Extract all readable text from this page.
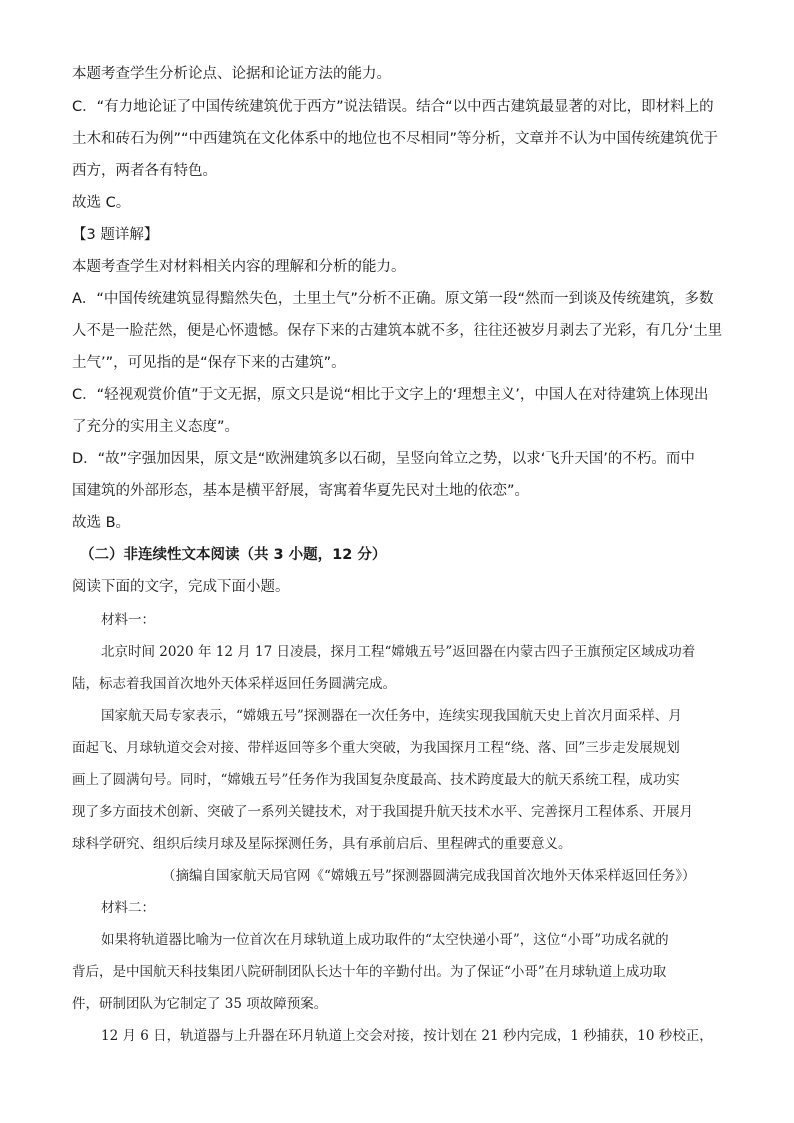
本题考查学生分析论点、论据和论证方法的能力。
C．“有力地论证了中国传统建筑优于西方”说法错误。结合“以中西古建筑最显著的对比，即材料上的
土木和砖石为例”“中西建筑在文化体系中的地位也不尽相同”等分析，文章并不认为中国传统建筑优于
西方，两者各有特色。
故选 C。
【3 题详解】
本题考查学生对材料相关内容的理解和分析的能力。
A．“中国传统建筑显得黯然失色，土里土气”分析不正确。原文第一段“然而一到谈及传统建筑，多数
人不是一脸茫然，便是心怀遗憾。保存下来的古建筑本就不多，往往还被岁月剥去了光彩，有几分‘土里
土气’”，可见指的是“保存下来的古建筑”。
C．“轻视观赏价值”于文无据，原文只是说“相比于文字上的‘理想主义’，中国人在对待建筑上体现出
了充分的实用主义态度”。
D．“故”字强加因果，原文是“欧洲建筑多以石砌，呈竖向耸立之势，以求‘飞升天国’的不朽。而中
国建筑的外部形态，基本是横平舒展，寄寓着华夏先民对土地的依恋”。
故选 B。
（二）非连续性文本阅读（共 3 小题，12 分）
阅读下面的文字，完成下面小题。
材料一：
北京时间 2020 年 12 月 17 日凌晨，探月工程“嫦娥五号”返回器在内蒙古四子王旗预定区域成功着
陆，标志着我国首次地外天体采样返回任务圆满完成。
国家航天局专家表示，“嫦娥五号”探测器在一次任务中，连续实现我国航天史上首次月面采样、月
面起飞、月球轨道交会对接、带样返回等多个重大突破，为我国探月工程“绕、落、回”三步走发展规划
画上了圆满句号。同时，“嫦娥五号”任务作为我国复杂度最高、技术跨度最大的航天系统工程，成功实
现了多方面技术创新、突破了一系列关键技术，对于我国提升航天技术水平、完善探月工程体系、开展月
球科学研究、组织后续月球及星际探测任务，具有承前启后、里程碑式的重要意义。
（摘编自国家航天局官网《“嫦娥五号”探测器圆满完成我国首次地外天体采样返回任务》）
材料二：
如果将轨道器比喻为一位首次在月球轨道上成功取件的“太空快递小哥”，这位“小哥”功成名就的
背后，是中国航天科技集团八院研制团队长达十年的辛勤付出。为了保证“小哥”在月球轨道上成功取
件，研制团队为它制定了 35 项故障预案。
12 月 6 日，轨道器与上升器在环月轨道上交会对接，按计划在 21 秒内完成，1 秒捕获，10 秒校正，
